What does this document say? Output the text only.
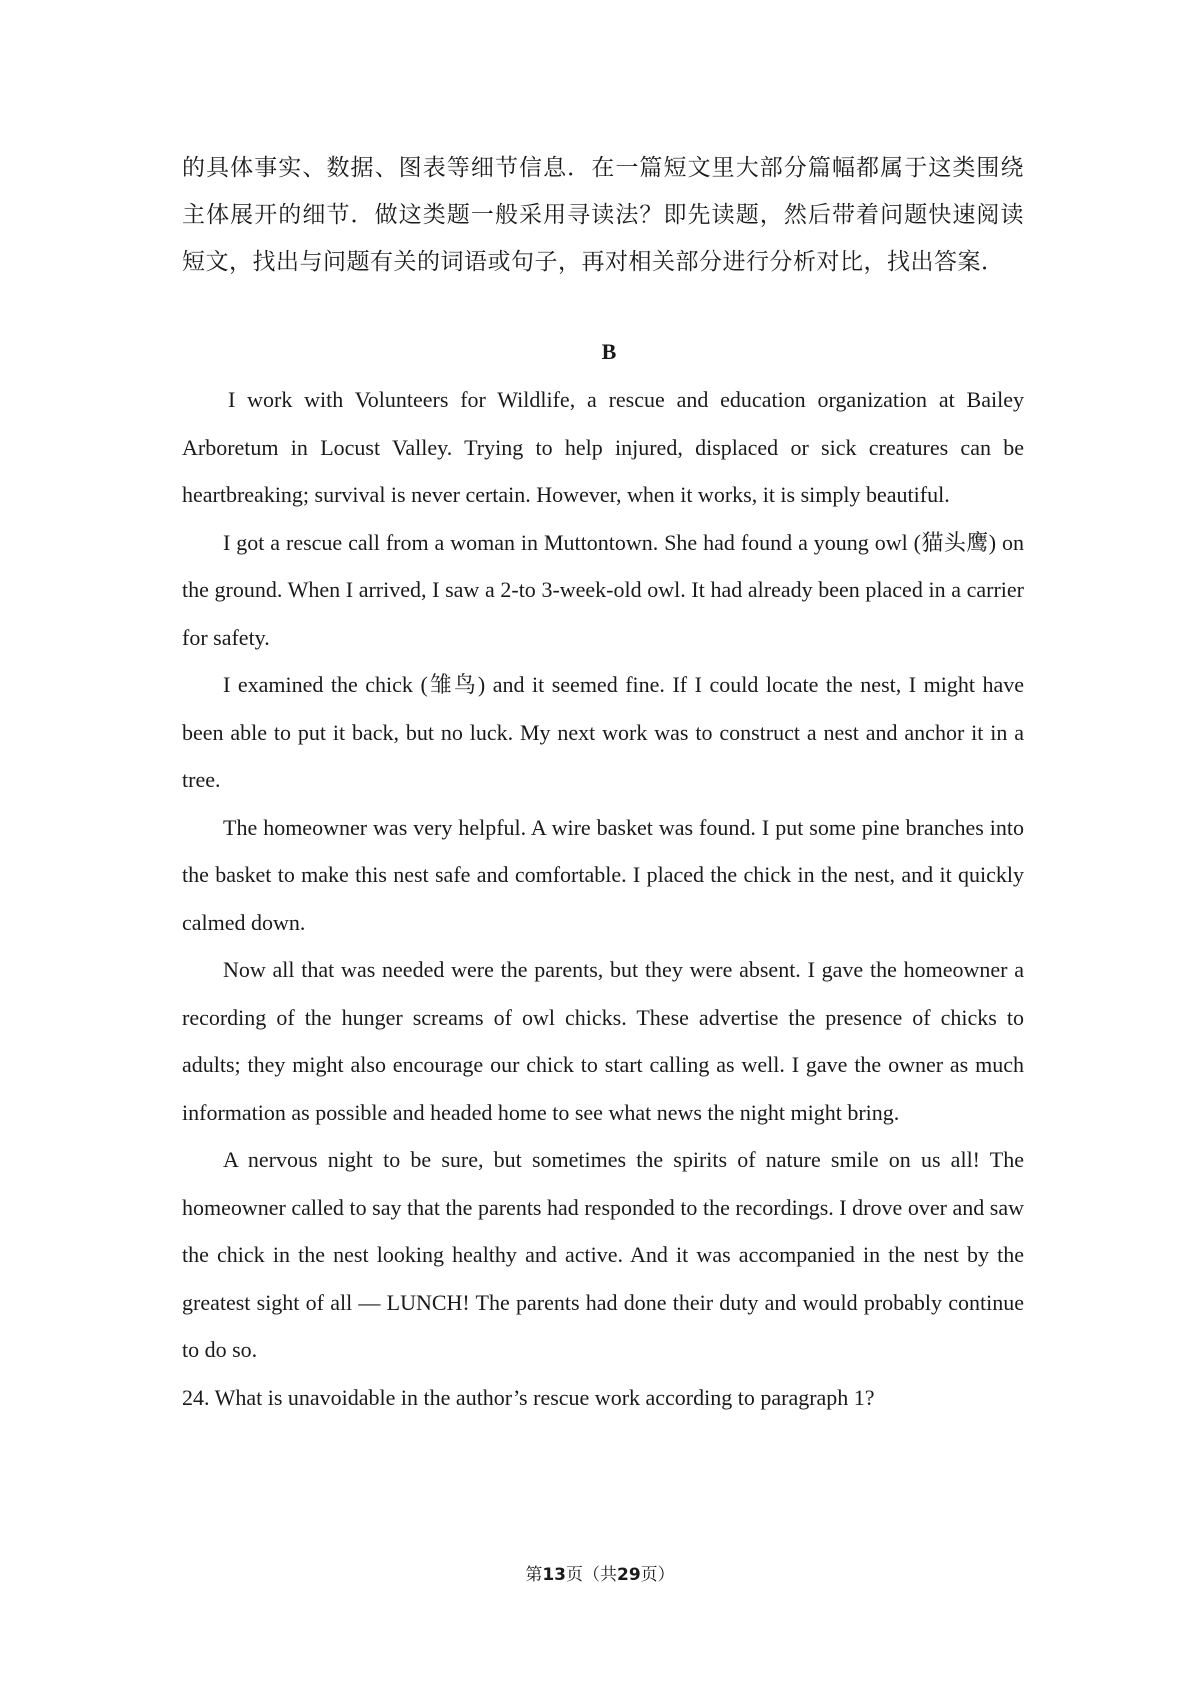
的具体事实、数据、图表等细节信息．在一篇短文里大部分篇幅都属于这类围绕主体展开的细节．做这类题一般采用寻读法？即先读题，然后带着问题快速阅读短文，找出与问题有关的词语或句子，再对相关部分进行分析对比，找出答案．

B

I work with Volunteers for Wildlife, a rescue and education organization at Bailey Arboretum in Locust Valley. Trying to help injured, displaced or sick creatures can be heartbreaking; survival is never certain. However, when it works, it is simply beautiful.

I got a rescue call from a woman in Muttontown. She had found a young owl (猫头鹰) on the ground. When I arrived, I saw a 2-to 3-week-old owl. It had already been placed in a carrier for safety.

I examined the chick (雏鸟) and it seemed fine. If I could locate the nest, I might have been able to put it back, but no luck. My next work was to construct a nest and anchor it in a tree.

The homeowner was very helpful. A wire basket was found. I put some pine branches into the basket to make this nest safe and comfortable. I placed the chick in the nest, and it quickly calmed down.

Now all that was needed were the parents, but they were absent. I gave the homeowner a recording of the hunger screams of owl chicks. These advertise the presence of chicks to adults; they might also encourage our chick to start calling as well. I gave the owner as much information as possible and headed home to see what news the night might bring.

A nervous night to be sure, but sometimes the spirits of nature smile on us all! The homeowner called to say that the parents had responded to the recordings. I drove over and saw the chick in the nest looking healthy and active. And it was accompanied in the nest by the greatest sight of all — LUNCH! The parents had done their duty and would probably continue to do so.

24. What is unavoidable in the author’s rescue work according to paragraph 1?

第13页（共29页）
